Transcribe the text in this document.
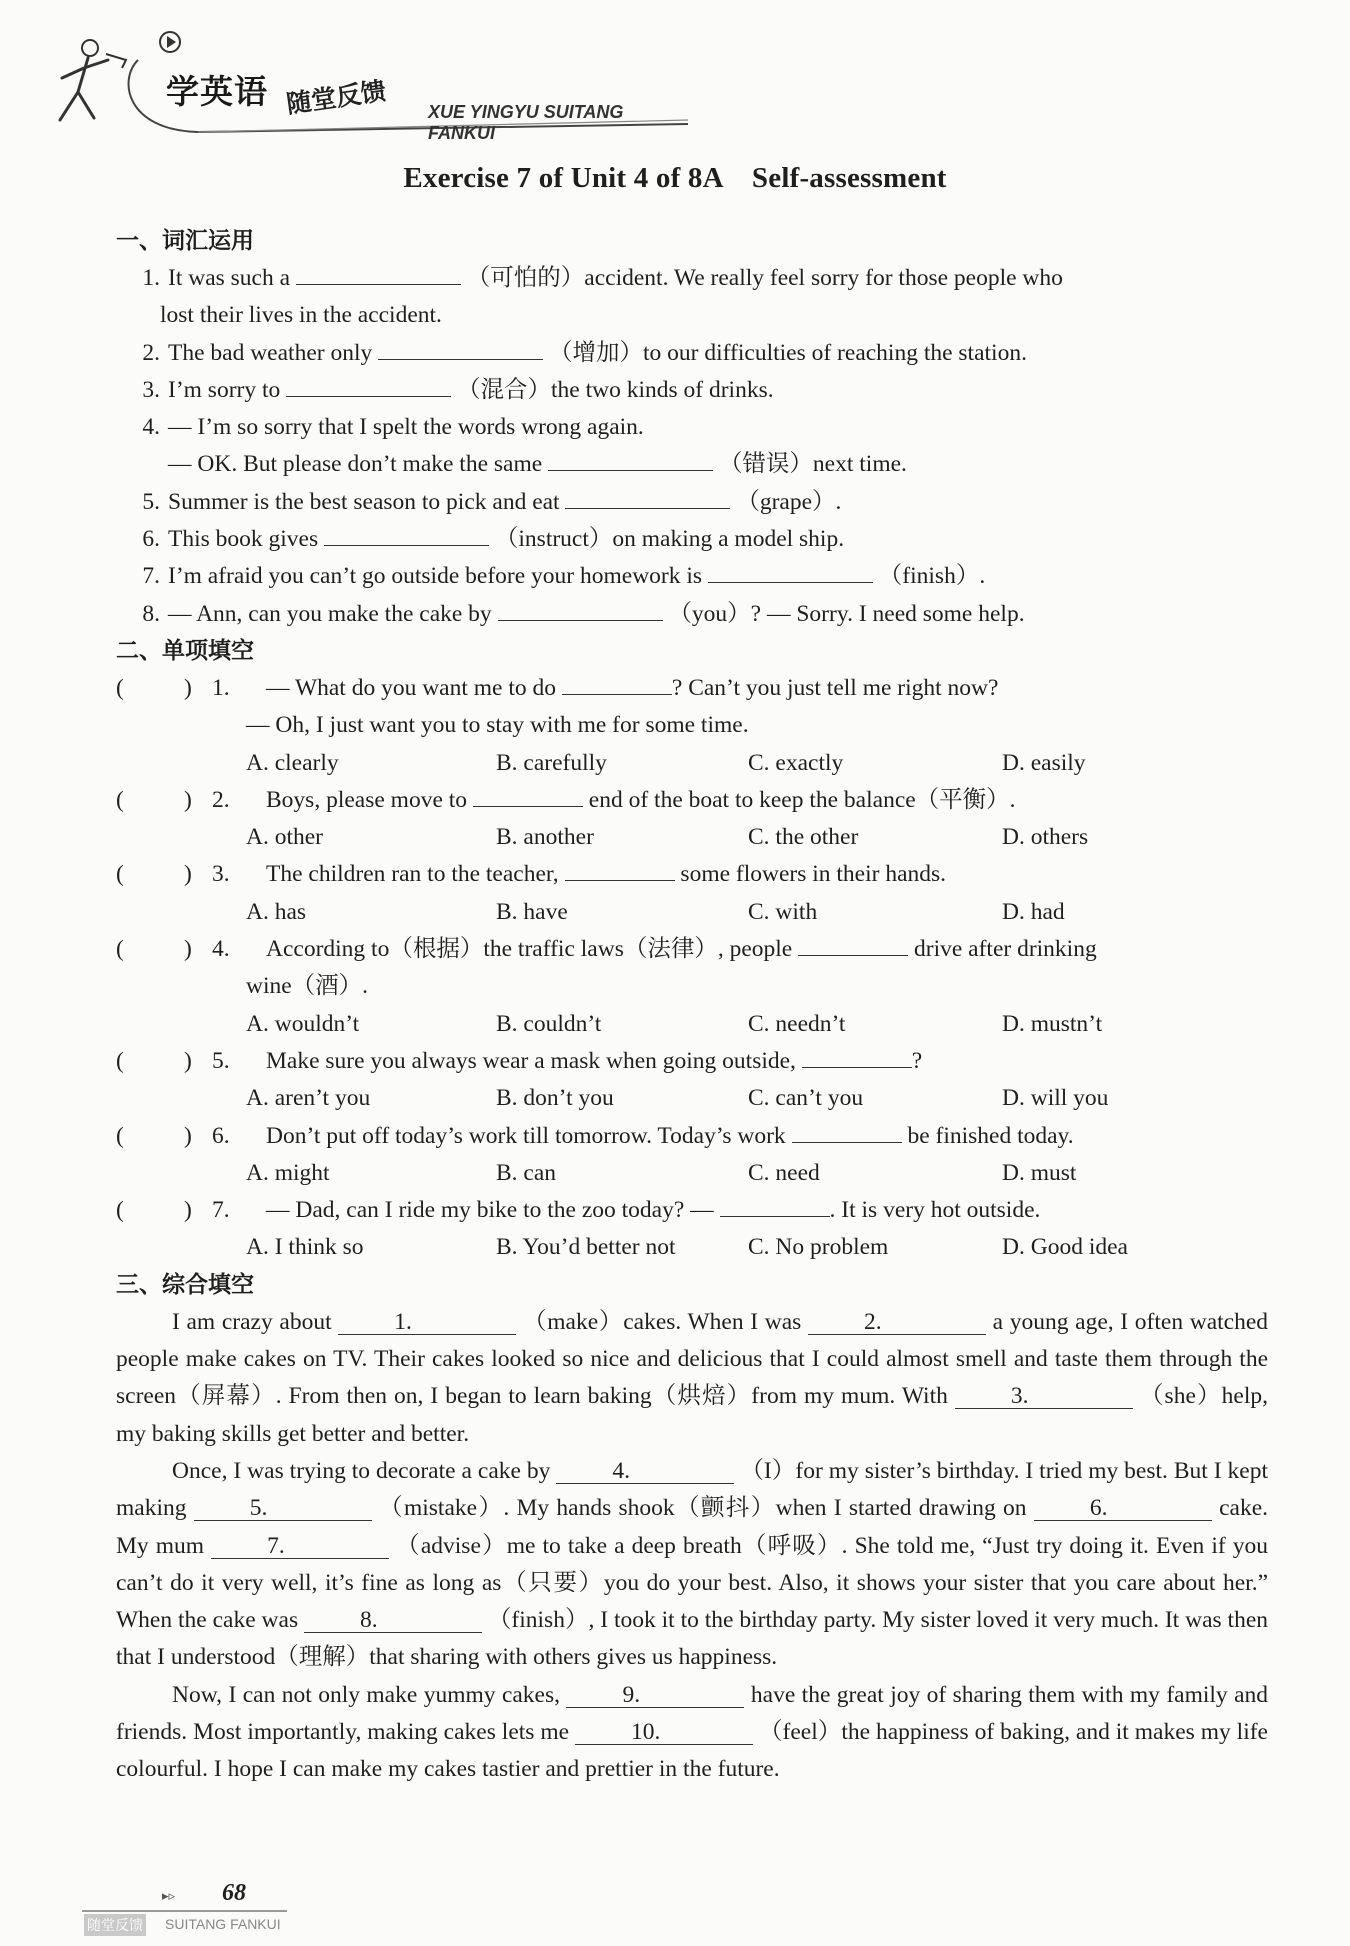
学英语 随堂反馈 XUE YINGYU SUITANG FANKUI
Exercise 7 of Unit 4 of 8A    Self-assessment
一、词汇运用
1. It was such a	（可怕的）accident. We really feel sorry for those people who
lost their lives in the accident.
2. The bad weather only	（增加）to our difficulties of reaching the station.
3. I’m sorry to	（混合）the two kinds of drinks.
4. — I’m so sorry that I spelt the words wrong again.
— OK. But please don’t make the same	（错误）next time.
5. Summer is the best season to pick and eat	（grape）.
6. This book gives	（instruct）on making a model ship.
7. I’m afraid you can’t go outside before your homework is	（finish）.
8. — Ann, can you make the cake by	（you）? — Sorry. I need some help.
二、单项填空
(	) 1. — What do you want me to do	? Can’t you just tell me right now?
— Oh, I just want you to stay with me for some time.
A. clearly	B. carefully	C. exactly	D. easily
(	) 2. Boys, please move to	end of the boat to keep the balance（平衡）.
A. other	B. another	C. the other	D. others
(	) 3. The children ran to the teacher,	some flowers in their hands.
A. has	B. have	C. with	D. had
(	) 4. According to（根据）the traffic laws（法律）, people	drive after drinking
wine（酒）.
A. wouldn’t	B. couldn’t	C. needn’t	D. mustn’t
(	) 5. Make sure you always wear a mask when going outside,	?
A. aren’t you	B. don’t you	C. can’t you	D. will you
(	) 6. Don’t put off today’s work till tomorrow. Today’s work	be finished today.
A. might	B. can	C. need	D. must
(	) 7. — Dad, can I ride my bike to the zoo today? —	. It is very hot outside.
A. I think so	B. You’d better not	C. No problem	D. Good idea
三、综合填空

I am crazy about	1.	（make）cakes. When I was	2.	a young age, I often watched people make cakes on TV. Their cakes looked so nice and delicious that I could almost smell and taste them through the screen（屏幕）. From then on, I began to learn baking（烘焙）from my mum. With	3.	（she）help, my baking skills get better and better.

Once, I was trying to decorate a cake by	4.	（I）for my sister’s birthday. I tried my best. But I kept making	5.	（mistake）. My hands shook（颤抖）when I started drawing on	6.	cake. My mum	7.	（advise）me to take a deep breath（呼吸）. She told me, “Just try doing it. Even if you can’t do it very well, it’s fine as long as（只要）you do your best. Also, it shows your sister that you care about her.” When the cake was	8.	（finish）, I took it to the birthday party. My sister loved it very much. It was then that I understood（理解）that sharing with others gives us happiness.

Now, I can not only make yummy cakes,	9.	have the great joy of sharing them with my family and friends. Most importantly, making cakes lets me	10.	（feel）the happiness of baking, and it makes my life colourful. I hope I can make my cakes tastier and prettier in the future.

▸▹ 68
随堂反馈 SUITANG FANKUI
